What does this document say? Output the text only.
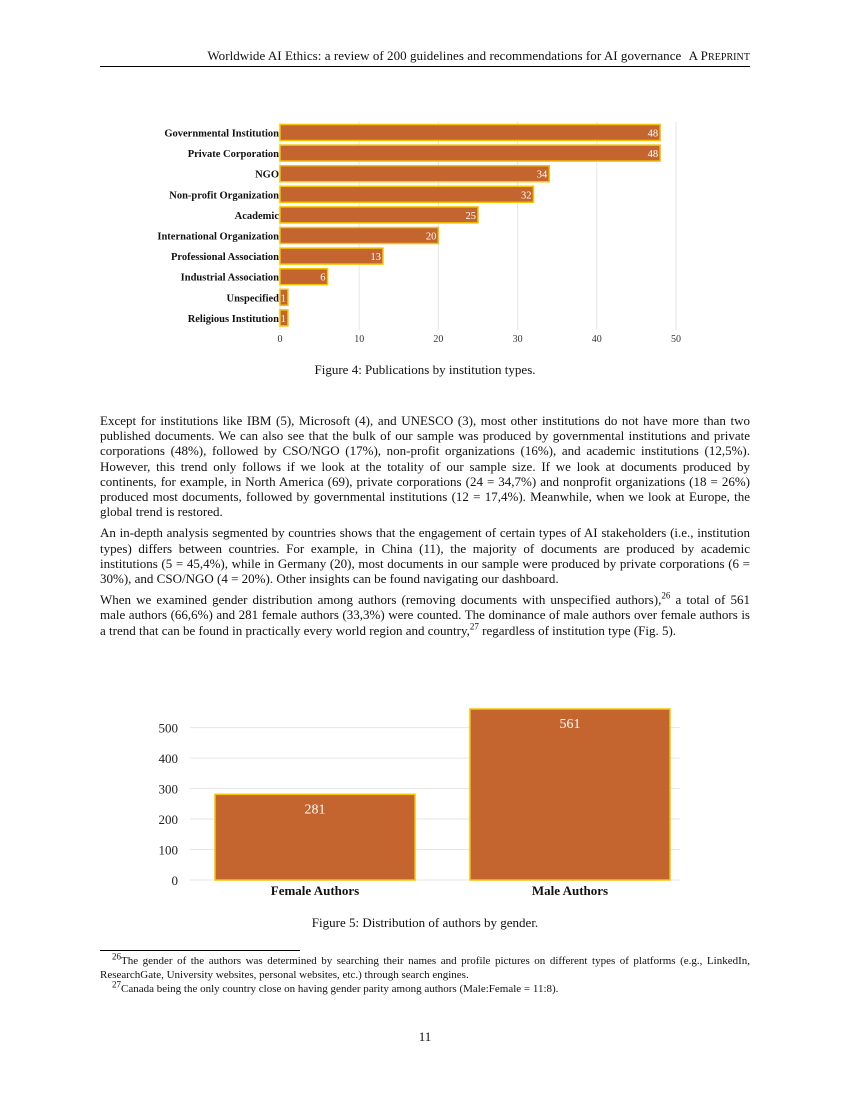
Worldwide AI Ethics: a review of 200 guidelines and recommendations for AI governance A PREPRINT
48
48
34
32
25
20
13
6
1
1
Governmental Institution
Private Corporation
NGO
Non-profit Organization
Academic
International Organization
Professional Association
Industrial Association
Unspecified
Religious Institution
0	10	20	30	40	50
Figure 4: Publications by institution types.

Except for institutions like IBM (5), Microsoft (4), and UNESCO (3), most other institutions do not have more than two published documents. We can also see that the bulk of our sample was produced by governmental institutions and private corporations (48%), followed by CSO/NGO (17%), non-profit organizations (16%), and academic institutions (12,5%). However, this trend only follows if we look at the totality of our sample size. If we look at documents produced by continents, for example, in North America (69), private corporations (24 = 34,7%) and nonprofit organizations (18 = 26%) produced most documents, followed by governmental institutions (12 = 17,4%). Meanwhile, when we look at Europe, the global trend is restored.

An in-depth analysis segmented by countries shows that the engagement of certain types of AI stakeholders (i.e., institution types) differs between countries. For example, in China (11), the majority of documents are produced by academic institutions (5 = 45,4%), while in Germany (20), most documents in our sample were produced by private corporations (6 = 30%), and CSO/NGO (4 = 20%). Other insights can be found navigating our dashboard.

When we examined gender distribution among authors (removing documents with unspecified authors),$^{26}$ a total of 561 male authors (66,6%) and 281 female authors (33,3%) were counted. The dominance of male authors over female authors is a trend that can be found in practically every world region and country,$^{27}$ regardless of institution type (Fig. 5).

281
561
0
100
200
300
400
500
Female Authors	Male Authors
Figure 5: Distribution of authors by gender.

$^{26}$The gender of the authors was determined by searching their names and profile pictures on different types of platforms (e.g., LinkedIn, ResearchGate, University websites, personal websites, etc.) through search engines.

$^{27}$Canada being the only country close on having gender parity among authors (Male:Female = 11:8).

11
